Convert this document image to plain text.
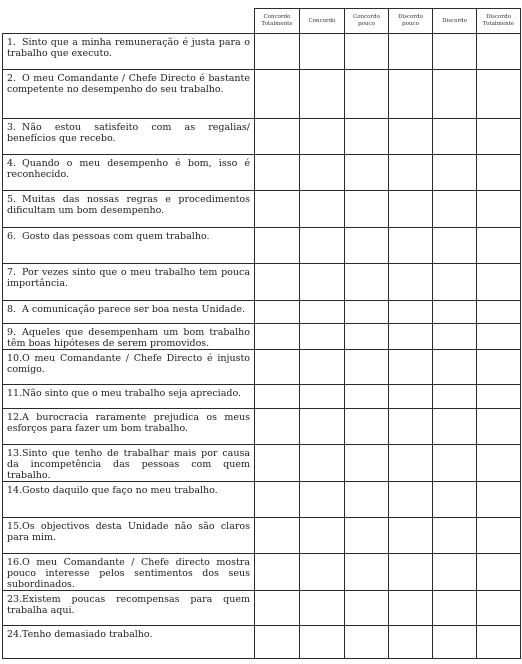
	Concordo Totalmente	Concordo	Concordo pouco	Discordo pouco	Discordo	Discordo Totalmente
1. Sinto que a minha remuneração é justa para o trabalho que executo.						
2. O meu Comandante / Chefe Directo é bastante competente no desempenho do seu trabalho.						
3. Não estou satisfeito com as regalias/ benefícios que recebo.						
4. Quando o meu desempenho é bom, isso é reconhecido.						
5. Muitas das nossas regras e procedimentos dificultam um bom desempenho.						
6. Gosto das pessoas com quem trabalho.						
7. Por vezes sinto que o meu trabalho tem pouca importância.						
8. A comunicação parece ser boa nesta Unidade.						
9. Aqueles que desempenham um bom trabalho têm boas hipóteses de serem promovidos.						
10.O meu Comandante / Chefe Directo é injusto comigo.						
11.Não sinto que o meu trabalho seja apreciado.						
12.A burocracia raramente prejudica os meus esforços para fazer um bom trabalho.						
13.Sinto que tenho de trabalhar mais por causa da incompetência das pessoas com quem trabalho.						
14.Gosto daquilo que faço no meu trabalho.						
15.Os objectivos desta Unidade não são claros para mim.						
16.O meu Comandante / Chefe directo mostra pouco interesse pelos sentimentos dos seus subordinados.						
23.Existem poucas recompensas para quem trabalha aqui.						
24.Tenho demasiado trabalho.						
